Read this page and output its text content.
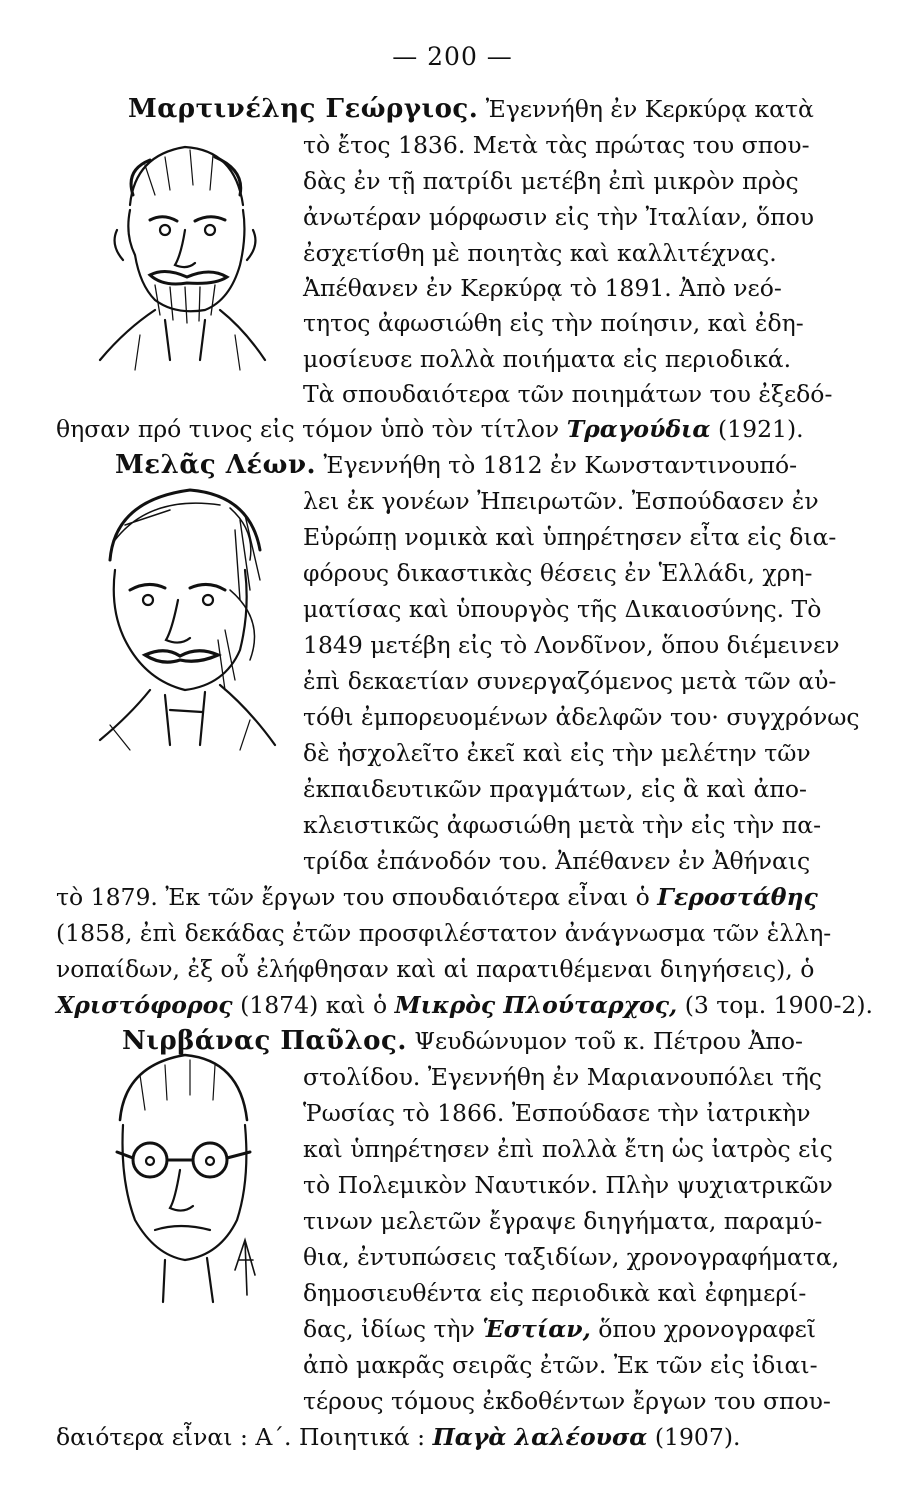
— 200 —
Μαρτινέλης Γεώργιος. Ἐγεννήθη ἐν Κερκύρᾳ κατὰ
τὸ ἔτος 1836. Μετὰ τὰς πρώτας του σπου-
δὰς ἐν τῇ πατρίδι μετέβη ἐπὶ μικρὸν πρὸς
ἀνωτέραν μόρφωσιν εἰς τὴν Ἰταλίαν, ὅπου
ἐσχετίσθη μὲ ποιητὰς καὶ καλλιτέχνας.
Ἀπέθανεν ἐν Κερκύρᾳ τὸ 1891. Ἀπὸ νεό-
τητος ἀφωσιώθη εἰς τὴν ποίησιν, καὶ ἐδη-
μοσίευσε πολλὰ ποιήματα εἰς περιοδικά.
Τὰ σπουδαιότερα τῶν ποιημάτων του ἐξεδό-
θησαν πρό τινος εἰς τόμον ὑπὸ τὸν τίτλον Τραγούδια (1921).
Μελᾶς Λέων. Ἐγεννήθη τὸ 1812 ἐν Κωνσταντινουπό-
λει ἐκ γονέων Ἠπειρωτῶν. Ἐσπούδασεν ἐν
Εὐρώπῃ νομικὰ καὶ ὑπηρέτησεν εἶτα εἰς δια-
φόρους δικαστικὰς θέσεις ἐν Ἑλλάδι, χρη-
ματίσας καὶ ὑπουργὸς τῆς Δικαιοσύνης. Τὸ
1849 μετέβη εἰς τὸ Λονδῖνον, ὅπου διέμεινεν
ἐπὶ δεκαετίαν συνεργαζόμενος μετὰ τῶν αὐ-
τόθι ἐμπορευομένων ἀδελφῶν του· συγχρόνως
δὲ ἠσχολεῖτο ἐκεῖ καὶ εἰς τὴν μελέτην τῶν
ἐκπαιδευτικῶν πραγμάτων, εἰς ἃ καὶ ἀπο-
κλειστικῶς ἀφωσιώθη μετὰ τὴν εἰς τὴν πα-
τρίδα ἐπάνοδόν του. Ἀπέθανεν ἐν Ἀθήναις
τὸ 1879. Ἐκ τῶν ἔργων του σπουδαιότερα εἶναι ὁ Γεροστάθης
(1858, ἐπὶ δεκάδας ἐτῶν προσφιλέστατον ἀνάγνωσμα τῶν ἑλλη-
νοπαίδων, ἐξ οὗ ἐλήφθησαν καὶ αἱ παρατιθέμεναι διηγήσεις), ὁ
Χριστόφορος (1874) καὶ ὁ Μικρὸς Πλούταρχος, (3 τομ. 1900-2).
Νιρβάνας Παῦλος. Ψευδώνυμον τοῦ κ. Πέτρου Ἀπο-
στολίδου. Ἐγεννήθη ἐν Μαριανουπόλει τῆς
Ῥωσίας τὸ 1866. Ἐσπούδασε τὴν ἰατρικὴν
καὶ ὑπηρέτησεν ἐπὶ πολλὰ ἔτη ὡς ἰατρὸς εἰς
τὸ Πολεμικὸν Ναυτικόν. Πλὴν ψυχιατρικῶν
τινων μελετῶν ἔγραψε διηγήματα, παραμύ-
θια, ἐντυπώσεις ταξιδίων, χρονογραφήματα,
δημοσιευθέντα εἰς περιοδικὰ καὶ ἐφημερί-
δας, ἰδίως τὴν Ἑστίαν, ὅπου χρονογραφεῖ
ἀπὸ μακρᾶς σειρᾶς ἐτῶν. Ἐκ τῶν εἰς ἰδιαι-
τέρους τόμους ἐκδοθέντων ἔργων του σπου-
δαιότερα εἶναι : Α΄. Ποιητικά : Παγὰ λαλέουσα (1907).
